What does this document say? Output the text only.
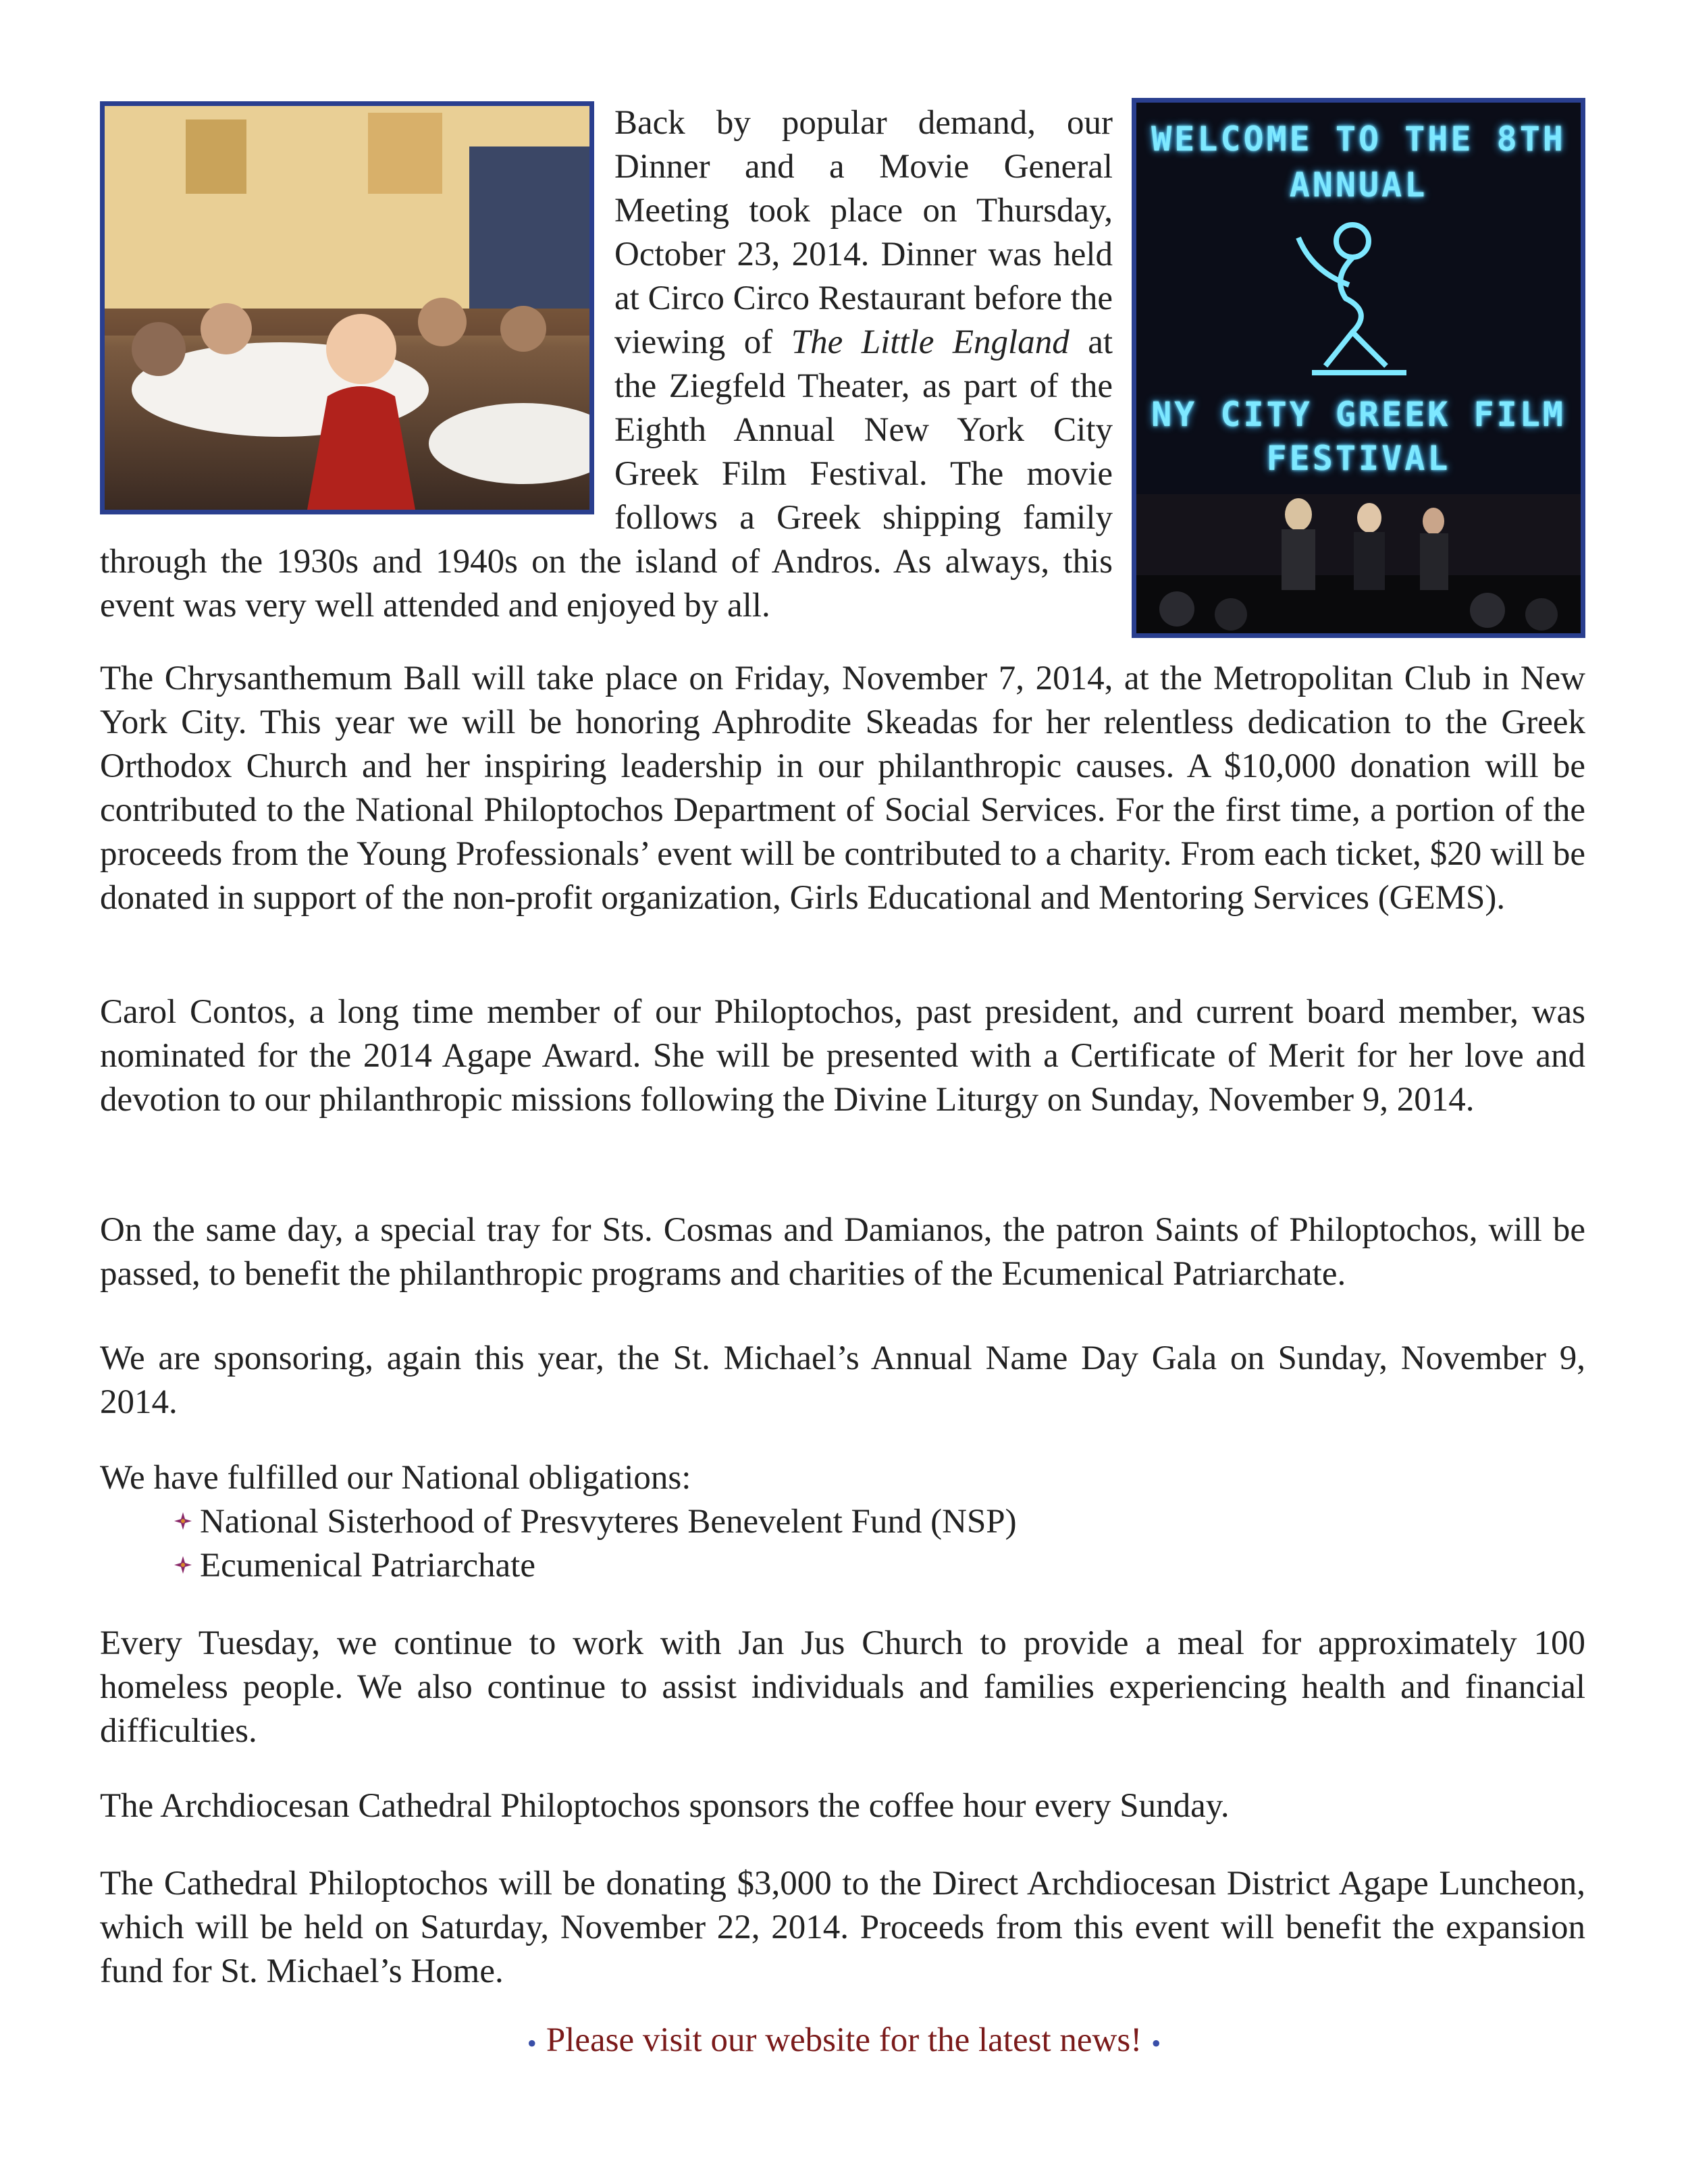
WELCOME TO THE 8TH
ANNUAL
NY CITY GREEK FILM
FESTIVAL

Back by popular demand, our Dinner and a Movie General Meeting took place on Thursday, October 23, 2014. Dinner was held at Circo Circo Restaurant before the viewing of The Little England at the Ziegfeld Theater, as part of the Eighth Annual New York City Greek Film Festival. The movie follows a Greek shipping family through the 1930s and 1940s on the island of Andros. As always, this event was very well attended and enjoyed by all.

The Chrysanthemum Ball will take place on Friday, November 7, 2014, at the Metropolitan Club in New York City. This year we will be honoring Aphrodite Skeadas for her relentless dedication to the Greek Orthodox Church and her inspiring leadership in our philanthropic causes. A $10,000 donation will be contributed to the National Philoptochos Department of Social Services. For the first time, a portion of the proceeds from the Young Professionals’ event will be contributed to a charity. From each ticket, $20 will be donated in support of the non-profit organization, Girls Educational and Mentoring Services (GEMS).

Carol Contos, a long time member of our Philoptochos, past president, and current board member, was nominated for the 2014 Agape Award. She will be presented with a Certificate of Merit for her love and devotion to our philanthropic missions following the Divine Liturgy on Sunday, November 9, 2014.

On the same day, a special tray for Sts. Cosmas and Damianos, the patron Saints of Philoptochos, will be passed, to benefit the philanthropic programs and charities of the Ecumenical Patriarchate.

We are sponsoring, again this year, the St. Michael’s Annual Name Day Gala on Sunday, November 9, 2014.

We have fulfilled our National obligations:

National Sisterhood of Presvyteres Benevelent Fund (NSP)
Ecumenical Patriarchate

Every Tuesday, we continue to work with Jan Jus Church to provide a meal for approximately 100 homeless people. We also continue to assist individuals and families experiencing health and financial difficulties.

The Archdiocesan Cathedral Philoptochos sponsors the coffee hour every Sunday.

The Cathedral Philoptochos will be donating $3,000 to the Direct Archdiocesan District Agape Luncheon, which will be held on Saturday, November 22, 2014. Proceeds from this event will benefit the expansion fund for St. Michael’s Home.

• Please visit our website for the latest news! •
